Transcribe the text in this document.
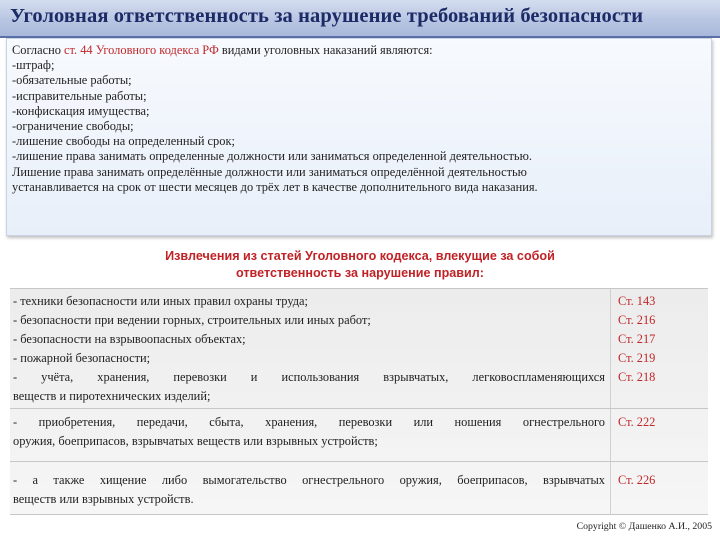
Уголовная ответственность за нарушение требований безопасности
Согласно ст. 44 Уголовного кодекса РФ видами уголовных наказаний являются:
-штраф;
-обязательные работы;
-исправительные работы;
-конфискация имущества;
-ограничение свободы;
-лишение свободы на определенный срок;
-лишение права занимать определенные должности или заниматься определенной деятельностью.
Лишение права занимать определённые должности или заниматься определённой деятельностью
устанавливается на срок от шести месяцев до трёх лет в качестве дополнительного вида наказания.
Извлечения из статей Уголовного кодекса, влекущие за собой
ответственность за нарушение правил:
- техники безопасности или иных правил охраны труда;
- безопасности при ведении горных, строительных или иных работ;
- безопасности на взрывоопасных объектах;
- пожарной безопасности;
- учёта, хранения, перевозки и использования взрывчатых, легковоспламеняющихся
веществ и пиротехнических изделий;
Ст. 143
Ст. 216
Ст. 217
Ст. 219
Ст. 218
- приобретения, передачи, сбыта, хранения, перевозки или ношения огнестрельного
оружия, боеприпасов, взрывчатых веществ или взрывных устройств;
Ст. 222
- а также хищение либо вымогательство огнестрельного оружия, боеприпасов, взрывчатых
веществ или взрывных устройств.
Ст. 226
Copyright © Дашенко А.И., 2005
